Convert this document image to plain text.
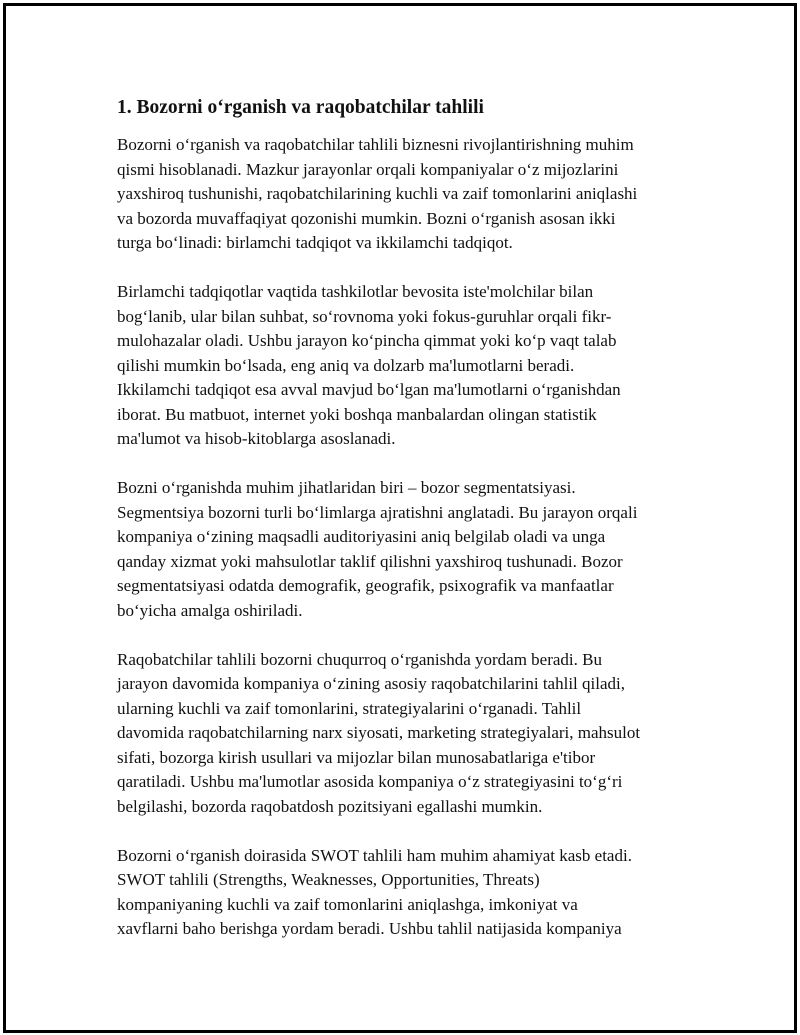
1. Bozorni o‘rganish va raqobatchilar tahlili

Bozorni o‘rganish va raqobatchilar tahlili biznesni rivojlantirishning muhim
qismi hisoblanadi. Mazkur jarayonlar orqali kompaniyalar o‘z mijozlarini
yaxshiroq tushunishi, raqobatchilarining kuchli va zaif tomonlarini aniqlashi
va bozorda muvaffaqiyat qozonishi mumkin. Bozni o‘rganish asosan ikki
turga bo‘linadi: birlamchi tadqiqot va ikkilamchi tadqiqot.

Birlamchi tadqiqotlar vaqtida tashkilotlar bevosita iste'molchilar bilan
bog‘lanib, ular bilan suhbat, so‘rovnoma yoki fokus-guruhlar orqali fikr-
mulohazalar oladi. Ushbu jarayon ko‘pincha qimmat yoki ko‘p vaqt talab
qilishi mumkin bo‘lsada, eng aniq va dolzarb ma'lumotlarni beradi.
Ikkilamchi tadqiqot esa avval mavjud bo‘lgan ma'lumotlarni o‘rganishdan
iborat. Bu matbuot, internet yoki boshqa manbalardan olingan statistik
ma'lumot va hisob-kitoblarga asoslanadi.

Bozni o‘rganishda muhim jihatlaridan biri – bozor segmentatsiyasi.
Segmentsiya bozorni turli bo‘limlarga ajratishni anglatadi. Bu jarayon orqali
kompaniya o‘zining maqsadli auditoriyasini aniq belgilab oladi va unga
qanday xizmat yoki mahsulotlar taklif qilishni yaxshiroq tushunadi. Bozor
segmentatsiyasi odatda demografik, geografik, psixografik va manfaatlar
bo‘yicha amalga oshiriladi.

Raqobatchilar tahlili bozorni chuqurroq o‘rganishda yordam beradi. Bu
jarayon davomida kompaniya o‘zining asosiy raqobatchilarini tahlil qiladi,
ularning kuchli va zaif tomonlarini, strategiyalarini o‘rganadi. Tahlil
davomida raqobatchilarning narx siyosati, marketing strategiyalari, mahsulot
sifati, bozorga kirish usullari va mijozlar bilan munosabatlariga e'tibor
qaratiladi. Ushbu ma'lumotlar asosida kompaniya o‘z strategiyasini to‘g‘ri
belgilashi, bozorda raqobatdosh pozitsiyani egallashi mumkin.

Bozorni o‘rganish doirasida SWOT tahlili ham muhim ahamiyat kasb etadi.
SWOT tahlili (Strengths, Weaknesses, Opportunities, Threats)
kompaniyaning kuchli va zaif tomonlarini aniqlashga, imkoniyat va
xavflarni baho berishga yordam beradi. Ushbu tahlil natijasida kompaniya
